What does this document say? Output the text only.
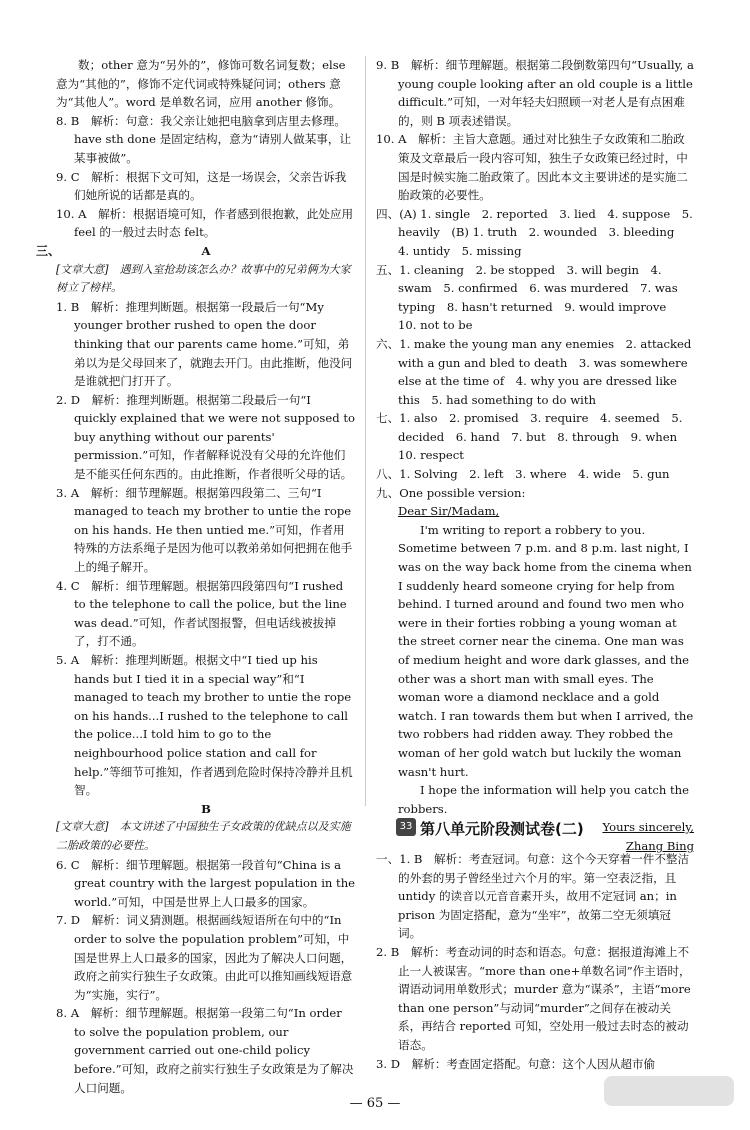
数；other 意为“另外的”，修饰可数名词复数；else 意为“其他的”，修饰不定代词或特殊疑问词；others 意为“其他人”。word 是单数名词，应用 another 修饰。

8. B　解析：句意：我父亲让她把电脑拿到店里去修理。have sth done 是固定结构，意为“请别人做某事，让某事被做”。

9. C　解析：根据下文可知，这是一场误会，父亲告诉我们她所说的话都是真的。

10. A　解析：根据语境可知，作者感到很抱歉，此处应用 feel 的一般过去时态 felt。

A

[文章大意]　遇到入室抢劫该怎么办？故事中的兄弟俩为大家树立了榜样。

1. B　解析：推理判断题。根据第一段最后一句“My younger brother rushed to open the door thinking that our parents came home.”可知，弟弟以为是父母回来了，就跑去开门。由此推断，他没问是谁就把门打开了。

2. D　解析：推理判断题。根据第二段最后一句“I quickly explained that we were not supposed to buy anything without our parents' permission.”可知，作者解释说没有父母的允许他们是不能买任何东西的。由此推断，作者很听父母的话。

3. A　解析：细节理解题。根据第四段第二、三句“I managed to teach my brother to untie the rope on his hands. He then untied me.”可知，作者用特殊的方法系绳子是因为他可以教弟弟如何把拥在他手上的绳子解开。

4. C　解析：细节理解题。根据第四段第四句“I rushed to the telephone to call the police, but the line was dead.”可知，作者试图报警，但电话线被拔掉了，打不通。

5. A　解析：推理判断题。根据文中“I tied up his hands but I tied it in a special way”和“I managed to teach my brother to untie the rope on his hands...I rushed to the telephone to call the police...I told him to go to the neighbourhood police station and call for help.”等细节可推知，作者遇到危险时保持冷静并且机智。

B

[文章大意]　本文讲述了中国独生子女政策的优缺点以及实施二胎政策的必要性。

6. C　解析：细节理解题。根据第一段首句“China is a great country with the largest population in the world.”可知，中国是世界上人口最多的国家。

7. D　解析：词义猜测题。根据画线短语所在句中的“In order to solve the population problem”可知，中国是世界上人口最多的国家，因此为了解决人口问题，政府之前实行独生子女政策。由此可以推知画线短语意为“实施，实行”。

8. A　解析：细节理解题。根据第一段第二句“In order to solve the population problem, our government carried out one-child policy before.”可知，政府之前实行独生子女政策是为了解决人口问题。

三、

9. B　解析：细节理解题。根据第二段倒数第四句“Usually, a young couple looking after an old couple is a little difficult.”可知，一对年轻夫妇照顾一对老人是有点困难的，则 B 项表述错误。

10. A　解析：主旨大意题。通过对比独生子女政策和二胎政策及文章最后一段内容可知，独生子女政策已经过时，中国是时候实施二胎政策了。因此本文主要讲述的是实施二胎政策的必要性。

四、(A) 1. single　2. reported　3. lied　4. suppose　5. heavily　(B) 1. truth　2. wounded　3. bleeding　4. untidy　5. missing

五、1. cleaning　2. be stopped　3. will begin　4. swam　5. confirmed　6. was murdered　7. was typing　8. hasn't returned　9. would improve　10. not to be

六、1. make the young man any enemies　2. attacked with a gun and bled to death　3. was somewhere else at the time of　4. why you are dressed like this　5. had something to do with

七、1. also　2. promised　3. require　4. seemed　5. decided　6. hand　7. but　8. through　9. when　10. respect

八、1. Solving　2. left　3. where　4. wide　5. gun

九、One possible version:

Dear Sir/Madam,

I'm writing to report a robbery to you. Sometime between 7 p.m. and 8 p.m. last night, I was on the way back home from the cinema when I suddenly heard someone crying for help from behind. I turned around and found two men who were in their forties robbing a young woman at the street corner near the cinema. One man was of medium height and wore dark glasses, and the other was a short man with small eyes. The woman wore a diamond necklace and a gold watch. I ran towards them but when I arrived, the two robbers had ridden away. They robbed the woman of her gold watch but luckily the woman wasn't hurt.

I hope the information will help you catch the robbers.

Yours sincerely,

Zhang Bing

33 第八单元阶段测试卷(二)

一、1. B　解析：考查冠词。句意：这个今天穿着一件不整洁的外套的男子曾经坐过六个月的牢。第一空表泛指，且 untidy 的读音以元音音素开头，故用不定冠词 an；in prison 为固定搭配，意为“坐牢”，故第二空无须填冠词。

2. B　解析：考查动词的时态和语态。句意：据报道海滩上不止一人被谋害。“more than one+单数名词”作主语时，谓语动词用单数形式；murder 意为“谋杀”，主语“more than one person”与动词“murder”之间存在被动关系，再结合 reported 可知，空处用一般过去时态的被动语态。

3. D　解析：考查固定搭配。句意：这个人因从超市偷

— 65 —
